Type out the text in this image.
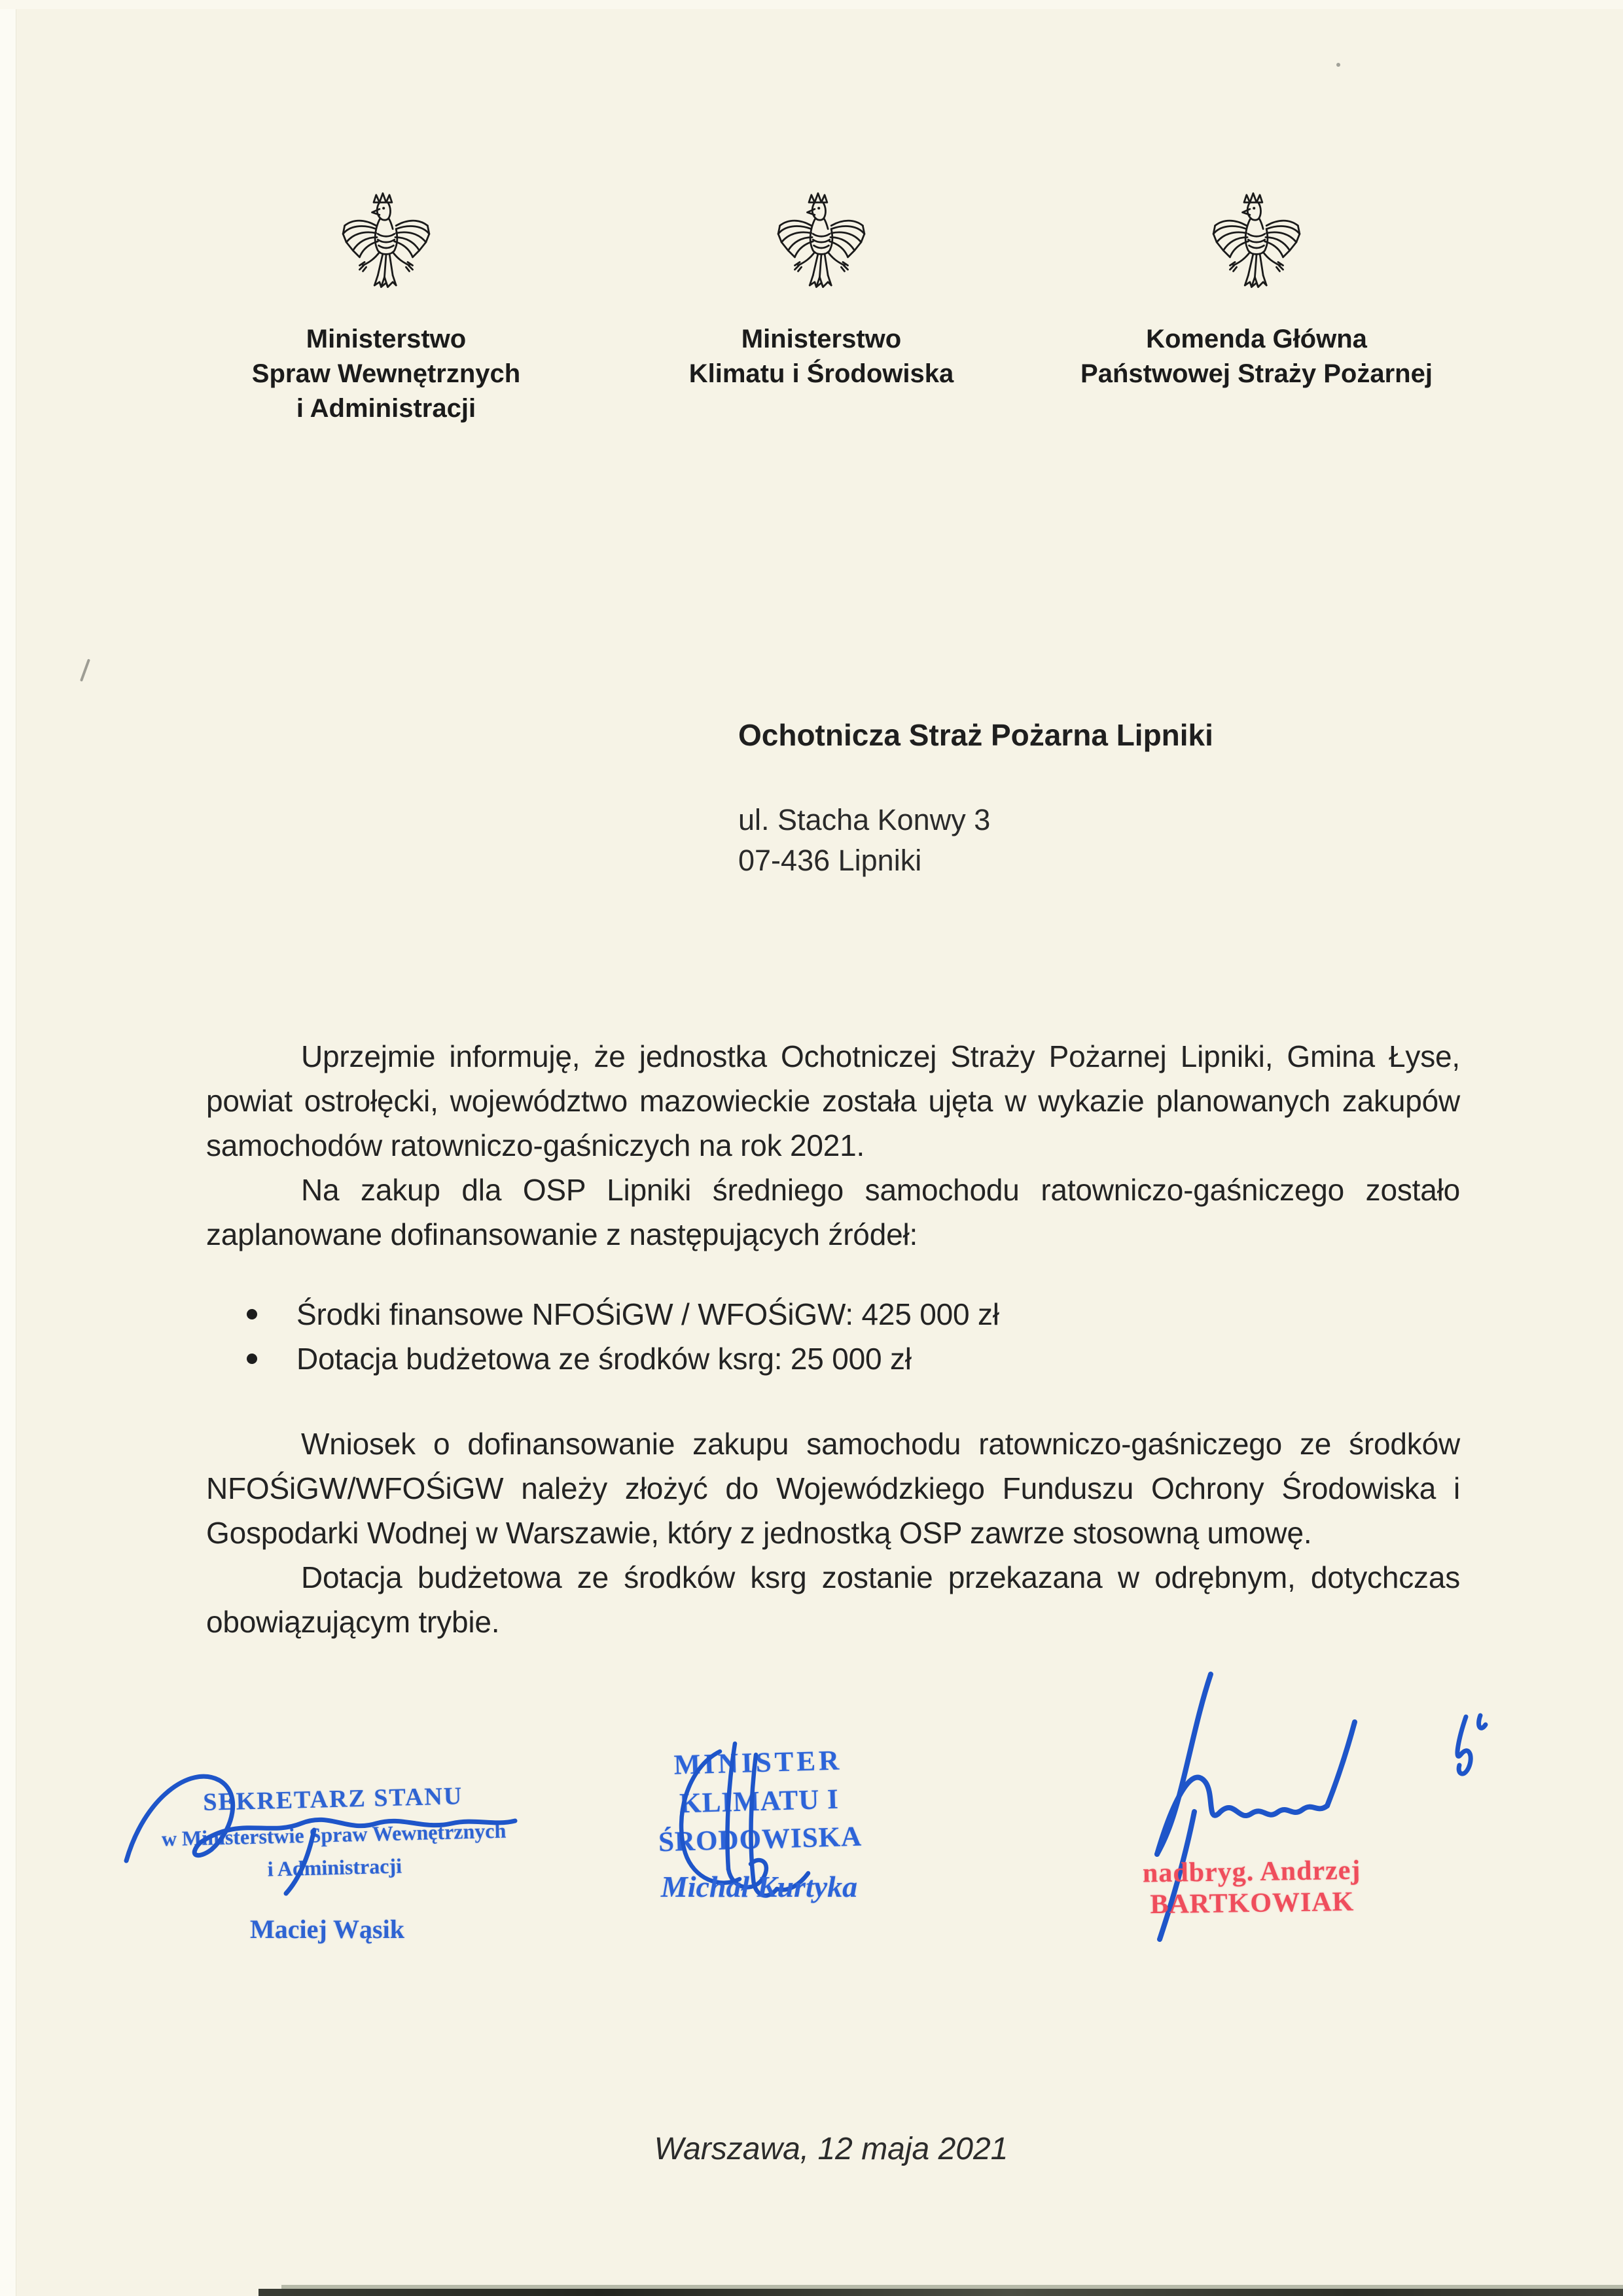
Ministerstwo
Spraw Wewnętrznych
i Administracji
Ministerstwo
Klimatu i Środowiska
Komenda Główna
Państwowej Straży Pożarnej
Ochotnicza Straż Pożarna Lipniki
ul. Stacha Konwy 3
07-436 Lipniki

Uprzejmie informuję, że jednostka Ochotniczej Straży Pożarnej Lipniki, Gmina Łyse, powiat ostrołęcki, województwo mazowieckie została ujęta w wykazie planowanych zakupów samochodów ratowniczo-gaśniczych na rok 2021.

Na zakup dla OSP Lipniki średniego samochodu ratowniczo-gaśniczego zostało zaplanowane dofinansowanie z następujących źródeł:

Środki finansowe NFOŚiGW / WFOŚiGW: 425 000 zł
Dotacja budżetowa ze środków ksrg: 25 000 zł

Wniosek o dofinansowanie zakupu samochodu ratowniczo-gaśniczego ze środków NFOŚiGW/WFOŚiGW należy złożyć do Wojewódzkiego Funduszu Ochrony Środowiska i Gospodarki Wodnej w Warszawie, który z jednostką OSP zawrze stosowną umowę.

Dotacja budżetowa ze środków ksrg zostanie przekazana w odrębnym, dotychczas obowiązującym trybie.

SEKRETARZ STANU
w Ministerstwie Spraw Wewnętrznych
i Administracji
Maciej Wąsik
MINISTER
KLIMATU I ŚRODOWISKA
Michał Kurtyka	nadbryg. Andrzej BARTKOWIAK
Warszawa, 12 maja 2021
